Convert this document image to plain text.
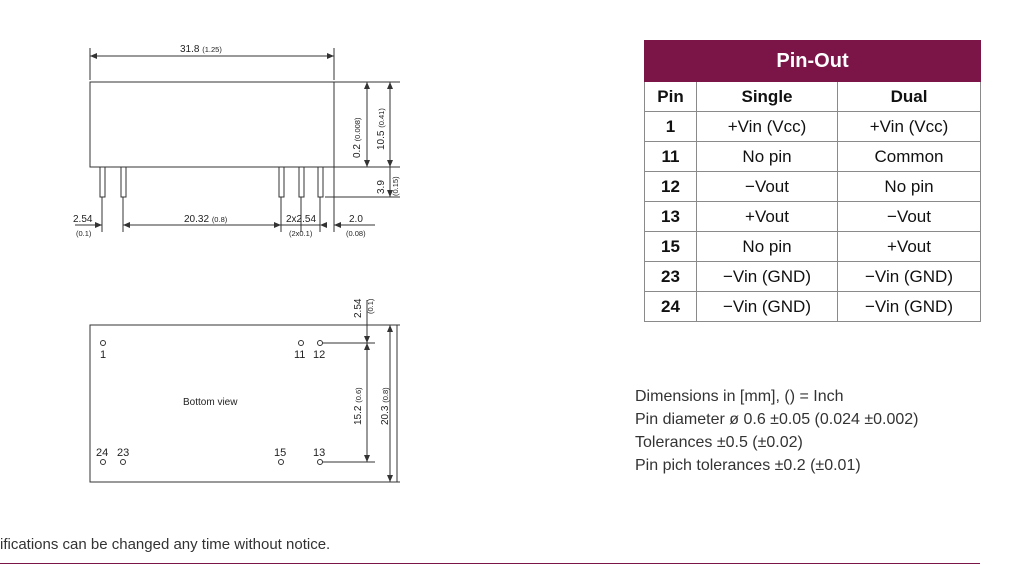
31.8 (1.25)
0.2 (0.008) 10.5 (0.41)
3.9 (0.15)
2.54
(0.1)
20.32 (0.8)	2x2.54
(2x0.1)
2.0
(0.08)
2.54 (0.1)
15.2 (0.6)
20.3 (0.8)
Bottom view
1	11 12
24 23	15 13
Pin-Out		
Pin	Single	Dual
1	+Vin (Vcc)	+Vin (Vcc)
11	No pin	Common
12	−Vout	No pin
13	+Vout	−Vout
15	No pin	+Vout
23	−Vin (GND)	−Vin (GND)
24	−Vin (GND)	−Vin (GND)
Dimensions in [mm], () = Inch
Pin diameter ø 0.6 ±0.05 (0.024 ±0.002)
Tolerances ±0.5 (±0.02)
Pin pich tolerances ±0.2 (±0.01)
ifications can be changed any time without notice.
